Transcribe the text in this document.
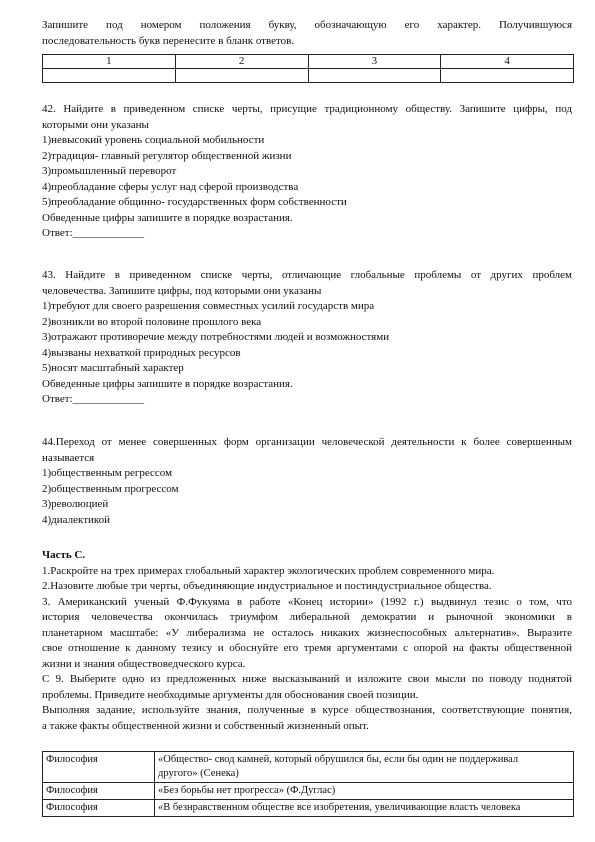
Запишите под номером положения букву, обозначающую его характер. Получившуюся
последовательность букв перенесите в бланк ответов.
1	2	3	4

42. Найдите в приведенном списке черты, присущие традиционному обществу. Запишите цифры, под
которыми они указаны
1)невысокий уровень социальной мобильности
2)традиция- главный регулятор общественной жизни
3)промышленный переворот
4)преобладание сферы услуг над сферой производства
5)преобладание общинно- государственных форм собственности
Обведенные цифры запишите в порядке возрастания.
Ответ:_____________
43. Найдите в приведенном списке черты, отличающие глобальные проблемы от других проблем
человечества. Запишите цифры, под которыми они указаны
1)требуют для своего разрешения совместных усилий государств мира
2)возникли во второй половине прошлого века
3)отражают противоречие между потребностями людей и возможностями
4)вызваны нехваткой природных ресурсов
5)носят масштабный характер
Обведенные цифры запишите в порядке возрастания.
Ответ:_____________
44.Переход от менее совершенных форм организации человеческой деятельности к более совершенным
называется
1)общественным регрессом
2)общественным прогрессом
3)революцией
4)диалектикой
Часть С.
1.Раскройте на трех примерах глобальный характер экологических проблем современного мира.
2.Назовите любые три черты, объединяющие индустриальное и постиндустриальное общества.
3. Американский ученый Ф.Фукуяма в работе «Конец истории» (1992 г.) выдвинул тезис о том, что
история человечества окончилась триумфом либеральной демократии и рыночной экономики в
планетарном масштабе: «У либерализма не осталось никаких жизнеспособных альтернатив». Выразите
свое отношение к данному тезису и обоснуйте его тремя аргументами с опорой на факты общественной
жизни и знания обществоведческого курса.
С 9. Выберите одно из предложенных ниже высказываний и изложите свои мысли по поводу поднятой
проблемы. Приведите необходимые аргументы для обоснования своей позиции.
Выполняя задание, используйте знания, полученные в курсе обществознания, соответствующие понятия,
а также факты общественной жизни и собственный жизненный опыт.
Философия	«Общество- свод камней, который обрушился бы, если бы один не поддерживал
другого» (Сенека)

Философия	«Без борьбы нет прогресса» (Ф.Дуглас)

Философия	«В безнравственном обществе все изобретения, увеличивающие власть человека
